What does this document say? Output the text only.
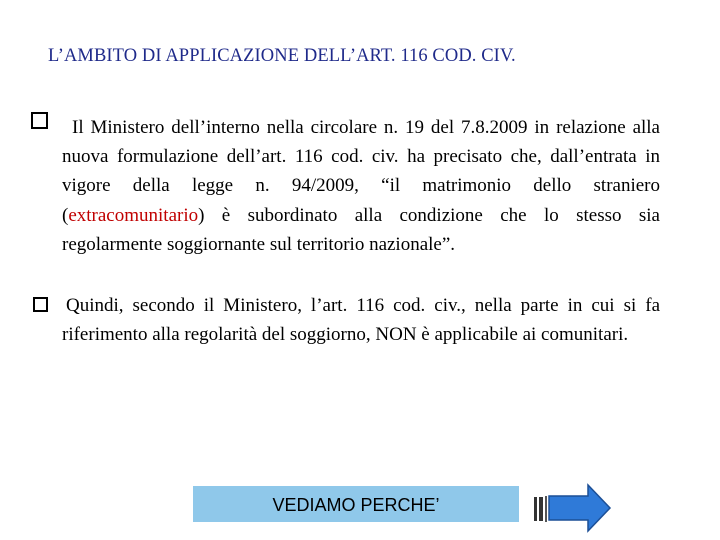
L’AMBITO DI APPLICAZIONE DELL’ART. 116 COD. CIV.
Il Ministero dell’interno nella circolare n. 19 del 7.8.2009 in relazione alla nuova formulazione dell’art. 116 cod. civ. ha precisato che, dall’entrata in vigore della legge n. 94/2009, “il matrimonio dello straniero (extracomunitario) è subordinato alla condizione che lo stesso sia regolarmente soggiornante sul territorio nazionale”.
Quindi, secondo il Ministero, l’art. 116 cod. civ., nella parte in cui si fa riferimento alla regolarità del soggiorno, NON è applicabile ai comunitari.
VEDIAMO PERCHE’
